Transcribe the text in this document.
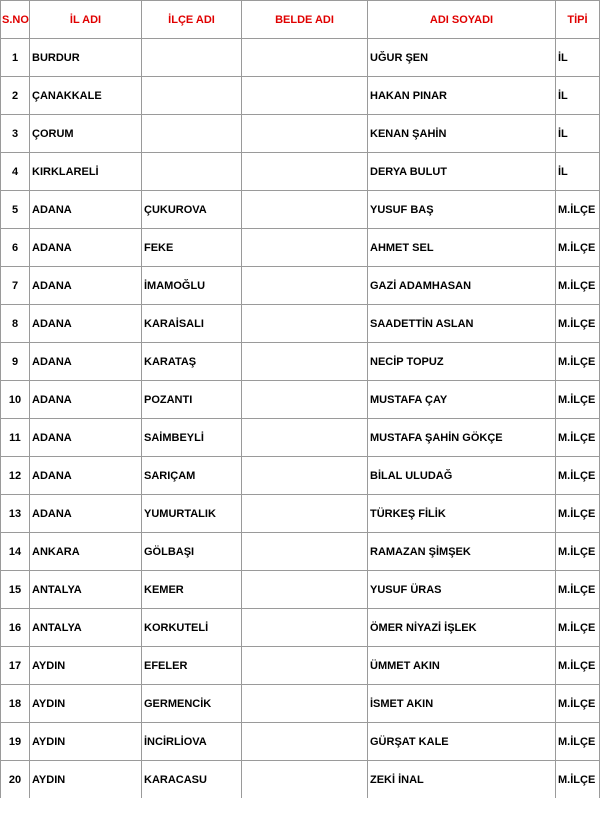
S.NO	İL ADI	İLÇE ADI	BELDE ADI	ADI SOYADI	TİPİ
1	BURDUR			UĞUR ŞEN	İL
2	ÇANAKKALE			HAKAN PINAR	İL
3	ÇORUM			KENAN ŞAHİN	İL
4	KIRKLARELİ			DERYA BULUT	İL
5	ADANA	ÇUKUROVA		YUSUF BAŞ	M.İLÇE
6	ADANA	FEKE		AHMET SEL	M.İLÇE
7	ADANA	İMAMOĞLU		GAZİ ADAMHASAN	M.İLÇE
8	ADANA	KARAİSALI		SAADETTİN ASLAN	M.İLÇE
9	ADANA	KARATAŞ		NECİP TOPUZ	M.İLÇE
10	ADANA	POZANTI		MUSTAFA ÇAY	M.İLÇE
11	ADANA	SAİMBEYLİ		MUSTAFA ŞAHİN GÖKÇE	M.İLÇE
12	ADANA	SARIÇAM		BİLAL ULUDAĞ	M.İLÇE
13	ADANA	YUMURTALIK		TÜRKEŞ FİLİK	M.İLÇE
14	ANKARA	GÖLBAŞI		RAMAZAN ŞİMŞEK	M.İLÇE
15	ANTALYA	KEMER		YUSUF ÜRAS	M.İLÇE
16	ANTALYA	KORKUTELİ		ÖMER NİYAZİ İŞLEK	M.İLÇE
17	AYDIN	EFELER		ÜMMET AKIN	M.İLÇE
18	AYDIN	GERMENCİK		İSMET AKIN	M.İLÇE
19	AYDIN	İNCİRLİOVA		GÜRŞAT KALE	M.İLÇE
20	AYDIN	KARACASU		ZEKİ İNAL	M.İLÇE
